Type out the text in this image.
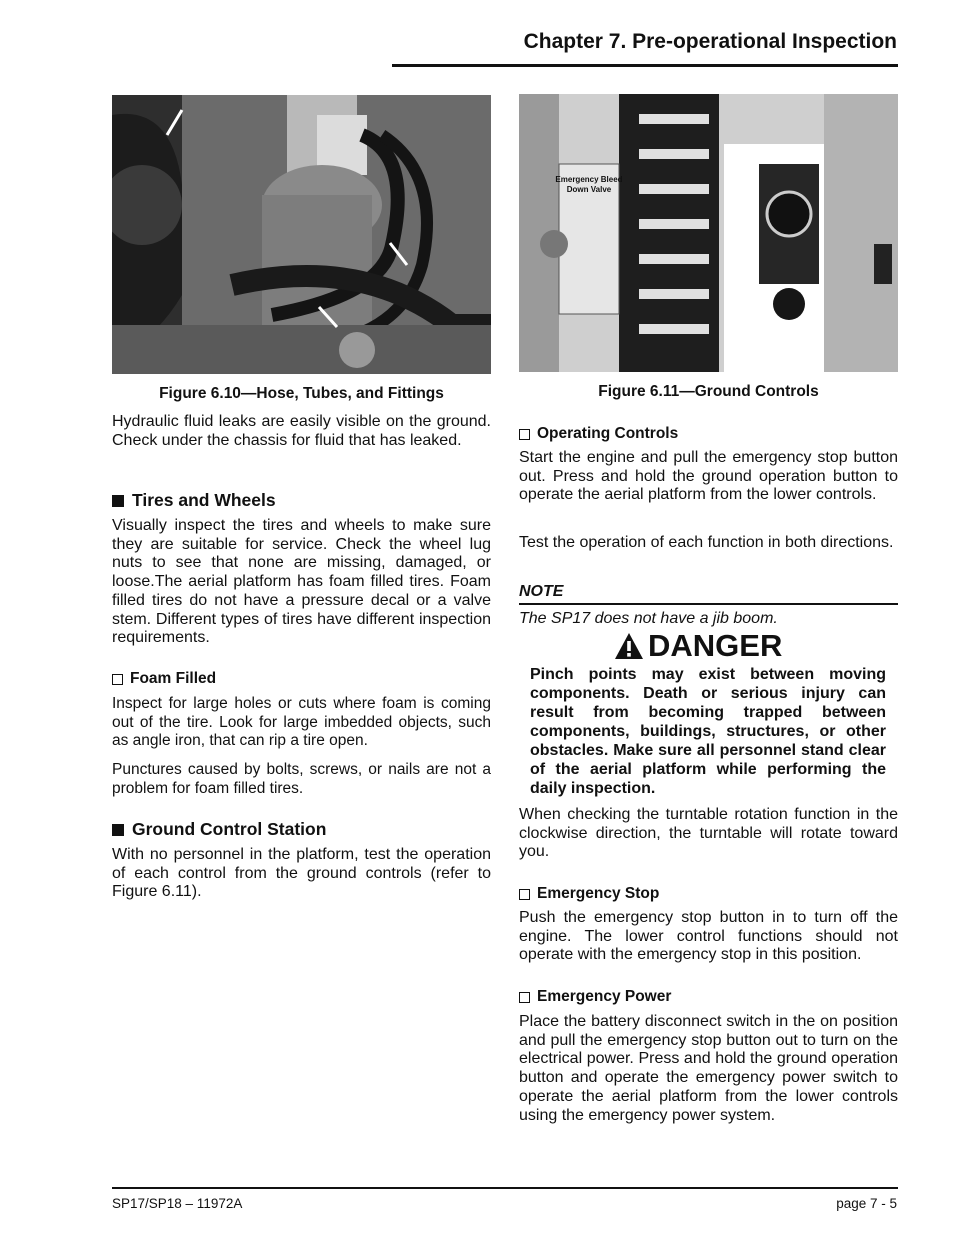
Chapter 7. Pre-operational Inspection
Figure 6.10—Hose, Tubes, and Fittings
Emergency Bleed
Down Valve
Figure 6.11—Ground Controls

Hydraulic fluid leaks are easily visible on the ground. Check under the chassis for fluid that has leaked.

Tires and Wheels

Visually inspect the tires and wheels to make sure they are suitable for service. Check the wheel lug nuts to see that none are missing, damaged, or loose.The aerial platform has foam filled tires. Foam filled tires do not have a pressure decal or a valve stem. Different types of tires have different inspection requirements.

Foam Filled

Inspect for large holes or cuts where foam is coming out of the tire. Look for large imbedded objects, such as angle iron, that can rip a tire open.

Punctures caused by bolts, screws, or nails are not a problem for foam filled tires.

Ground Control Station

With no personnel in the platform, test the operation of each control from the ground controls (refer to Figure 6.11).

Operating Controls

Start the engine and pull the emergency stop button out. Press and hold the ground operation button to operate the aerial platform from the lower controls.

Test the operation of each function in both directions.

NOTE
The SP17 does not have a jib boom.
DANGER
Pinch points may exist between moving components. Death or serious injury can result from becoming trapped between components, buildings, structures, or other obstacles. Make sure all personnel stand clear of the aerial platform while performing the daily inspection.

When checking the turntable rotation function in the clockwise direction, the turntable will rotate toward you.

Emergency Stop

Push the emergency stop button in to turn off the engine. The lower control functions should not operate with the emergency stop in this position.

Emergency Power

Place the battery disconnect switch in the on position and pull the emergency stop button out to turn on the electrical power. Press and hold the ground operation button and operate the emergency power switch to operate the aerial platform from the lower controls using the emergency power system.

SP17/SP18 – 11972A	page 7 - 5
